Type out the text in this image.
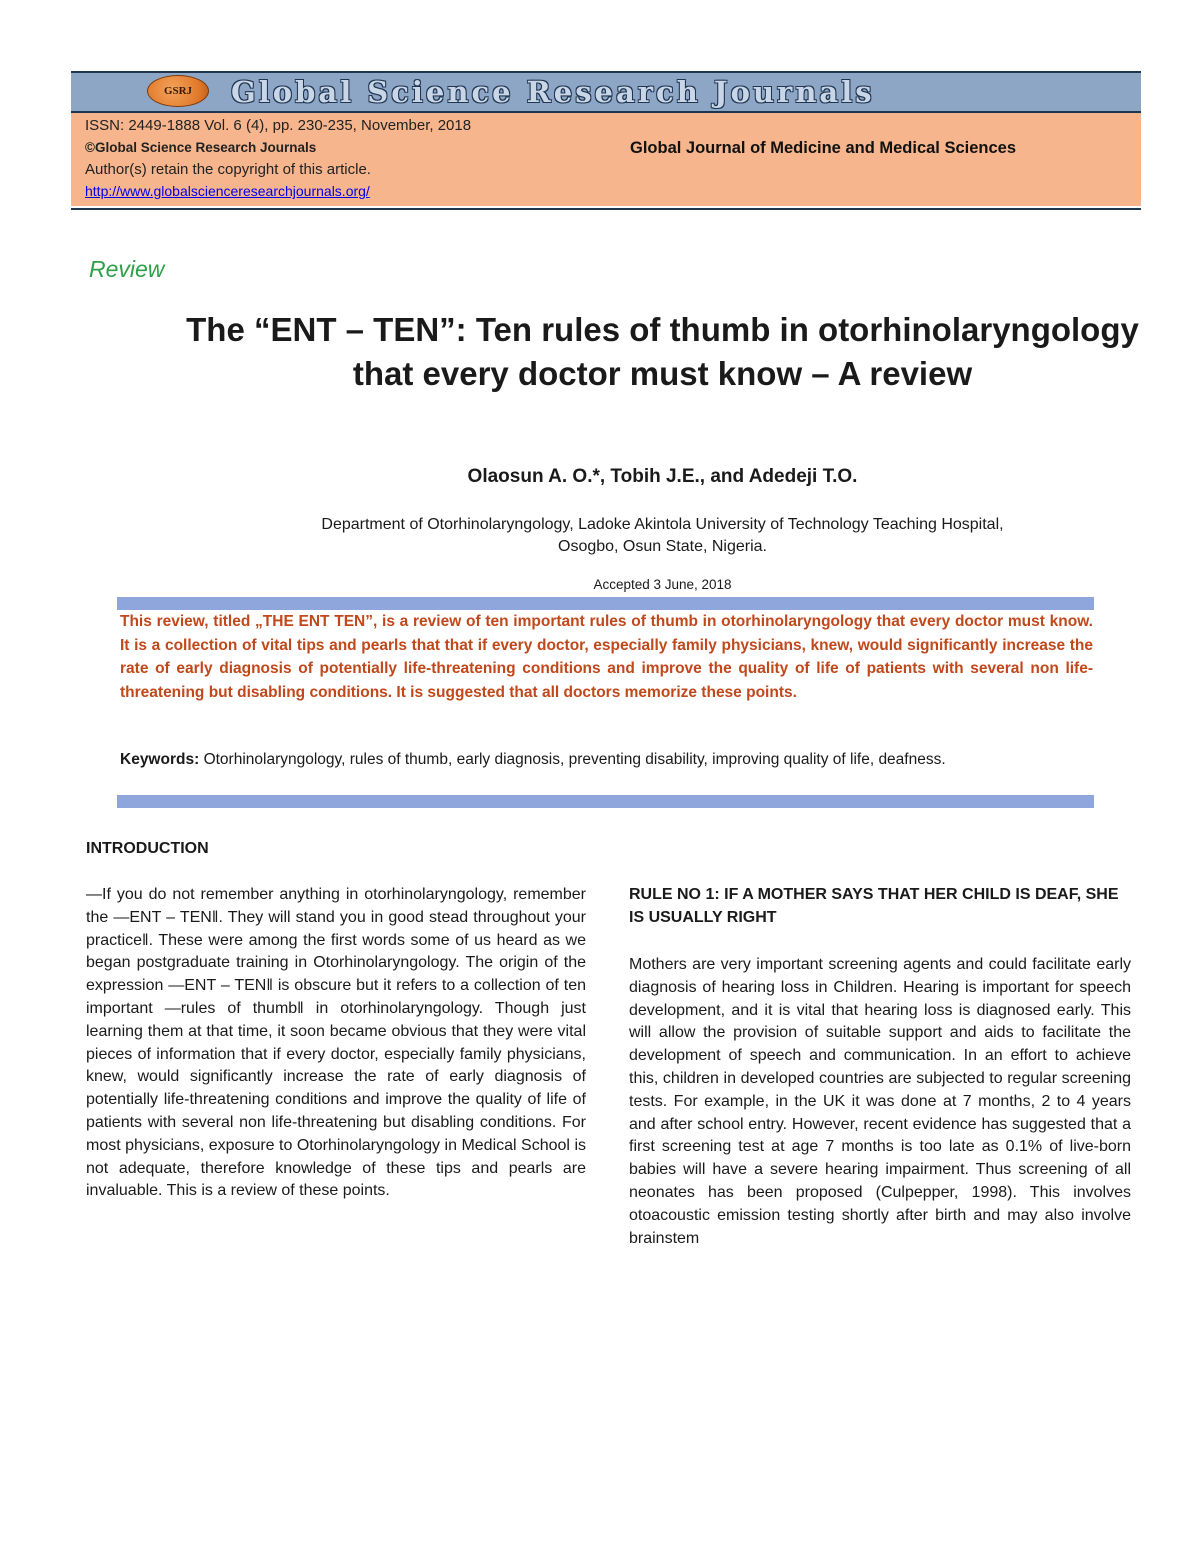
GSRJ Global Science Research Journals
ISSN: 2449-1888 Vol. 6 (4), pp. 230-235, November, 2018
©Global Science Research Journals
Author(s) retain the copyright of this article.
http://www.globalscienceresearchjournals.org/
Global Journal of Medicine and Medical Sciences
Review
The “ENT – TEN”: Ten rules of thumb in otorhinolaryngology that every doctor must know – A review
Olaosun A. O.*, Tobih J.E., and Adedeji T.O.
Department of Otorhinolaryngology, Ladoke Akintola University of Technology Teaching Hospital,
Osogbo, Osun State, Nigeria.
Accepted 3 June, 2018

This review, titled „THE ENT TEN”, is a review of ten important rules of thumb in otorhinolaryngology that every doctor must know. It is a collection of vital tips and pearls that that if every doctor, especially family physicians, knew, would significantly increase the rate of early diagnosis of potentially life-threatening conditions and improve the quality of life of patients with several non life-threatening but disabling conditions. It is suggested that all doctors memorize these points.

Keywords: Otorhinolaryngology, rules of thumb, early diagnosis, preventing disability, improving quality of life, deafness.

INTRODUCTION

―If you do not remember anything in otorhinolaryngology, remember the ―ENT – TEN‖. They will stand you in good stead throughout your practice‖. These were among the first words some of us heard as we began postgraduate training in Otorhinolaryngology. The origin of the expression ―ENT – TEN‖ is obscure but it refers to a collection of ten important ―rules of thumb‖ in otorhinolaryngology. Though just learning them at that time, it soon became obvious that they were vital pieces of information that if every doctor, especially family physicians, knew, would significantly increase the rate of early diagnosis of potentially life-threatening conditions and improve the quality of life of patients with several non life-threatening but disabling conditions. For most physicians, exposure to Otorhinolaryngology in Medical School is not adequate, therefore knowledge of these tips and pearls are invaluable. This is a review of these points.

RULE NO 1: IF A MOTHER SAYS THAT HER CHILD IS DEAF, SHE IS USUALLY RIGHT

Mothers are very important screening agents and could facilitate early diagnosis of hearing loss in Children. Hearing is important for speech development, and it is vital that hearing loss is diagnosed early. This will allow the provision of suitable support and aids to facilitate the development of speech and communication. In an effort to achieve this, children in developed countries are subjected to regular screening tests. For example, in the UK it was done at 7 months, 2 to 4 years and after school entry. However, recent evidence has suggested that a first screening test at age 7 months is too late as 0.1% of live-born babies will have a severe hearing impairment. Thus screening of all neonates has been proposed (Culpepper, 1998). This involves otoacoustic emission testing shortly after birth and may also involve brainstem
